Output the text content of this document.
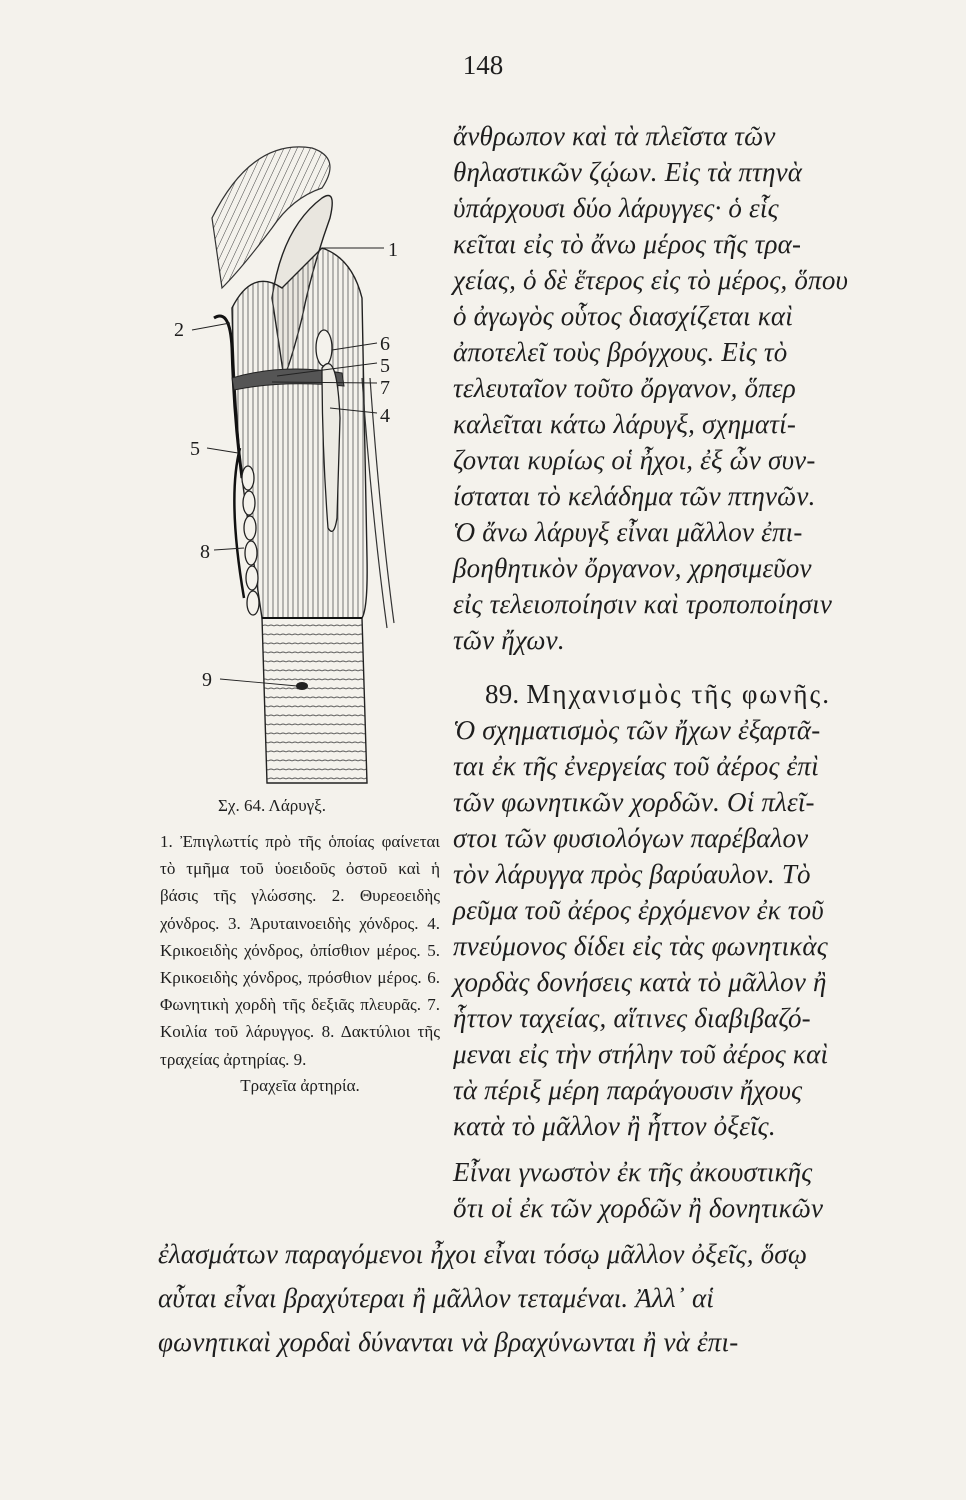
148
1
2
6
5
7
4
5
8
9
Σχ. 64. Λάρυγξ.
1. Ἐπιγλωττίς πρὸ τῆς ὁποίας φαίνεται τὸ τμῆμα τοῦ ὑοειδοῦς ὀστοῦ καὶ ἡ βάσις τῆς γλώσσης. 2. Θυρεοειδὴς χόνδρος. 3. Ἀρυταινοειδὴς χόνδρος. 4. Κρικοειδὴς χόνδρος, ὀπίσθιον μέρος. 5. Κρικοειδὴς χόνδρος, πρόσθιον μέρος. 6. Φωνητικὴ χορδὴ τῆς δεξιᾶς πλευρᾶς. 7. Κοιλία τοῦ λάρυγγος. 8. Δακτύλιοι τῆς τραχείας ἀρτηρίας. 9.
Τραχεῖα ἀρτηρία.
ἄνθρωπον καὶ τὰ πλεῖστα τῶν
θηλαστικῶν ζῴων. Εἰς τὰ πτηνὰ
ὑπάρχουσι δύο λάρυγγες· ὁ εἷς
κεῖται εἰς τὸ ἄνω μέρος τῆς τρα-
χείας, ὁ δὲ ἕτερος εἰς τὸ μέρος, ὅπου
ὁ ἀγωγὸς οὗτος διασχίζεται καὶ
ἀποτελεῖ τοὺς βρόγχους. Εἰς τὸ
τελευταῖον τοῦτο ὄργανον, ὅπερ
καλεῖται κάτω λάρυγξ, σχηματί-
ζονται κυρίως οἱ ἦχοι, ἐξ ὧν συν-
ίσταται τὸ κελάδημα τῶν πτηνῶν.
Ὁ ἄνω λάρυγξ εἶναι μᾶλλον ἐπι-
βοηθητικὸν ὄργανον, χρησιμεῦον
εἰς τελειοποίησιν καὶ τροποποίησιν
τῶν ἤχων.
89. Μηχανισμὸς τῆς φωνῆς.
Ὁ σχηματισμὸς τῶν ἤχων ἐξαρτᾶ-
ται ἐκ τῆς ἐνεργείας τοῦ ἀέρος ἐπὶ
τῶν φωνητικῶν χορδῶν. Οἱ πλεῖ-
στοι τῶν φυσιολόγων παρέβαλον
τὸν λάρυγγα πρὸς βαρύαυλον. Τὸ
ρεῦμα τοῦ ἀέρος ἐρχόμενον ἐκ τοῦ
πνεύμονος δίδει εἰς τὰς φωνητικὰς
χορδὰς δονήσεις κατὰ τὸ μᾶλλον ἢ
ἧττον ταχείας, αἵτινες διαβιβαζό-
μεναι εἰς τὴν στήλην τοῦ ἀέρος καὶ
τὰ πέριξ μέρη παράγουσιν ἤχους
κατὰ τὸ μᾶλλον ἢ ἧττον ὀξεῖς.
Εἶναι γνωστὸν ἐκ τῆς ἀκουστικῆς
ὅτι οἱ ἐκ τῶν χορδῶν ἢ δονητικῶν
ἐλασμάτων παραγόμενοι ἦχοι εἶναι τόσῳ μᾶλλον ὀξεῖς, ὅσῳ
αὗται εἶναι βραχύτεραι ἢ μᾶλλον τεταμέναι. Ἀλλ᾽ αἱ
φωνητικαὶ χορδαὶ δύνανται νὰ βραχύνωνται ἢ νὰ ἐπι-
